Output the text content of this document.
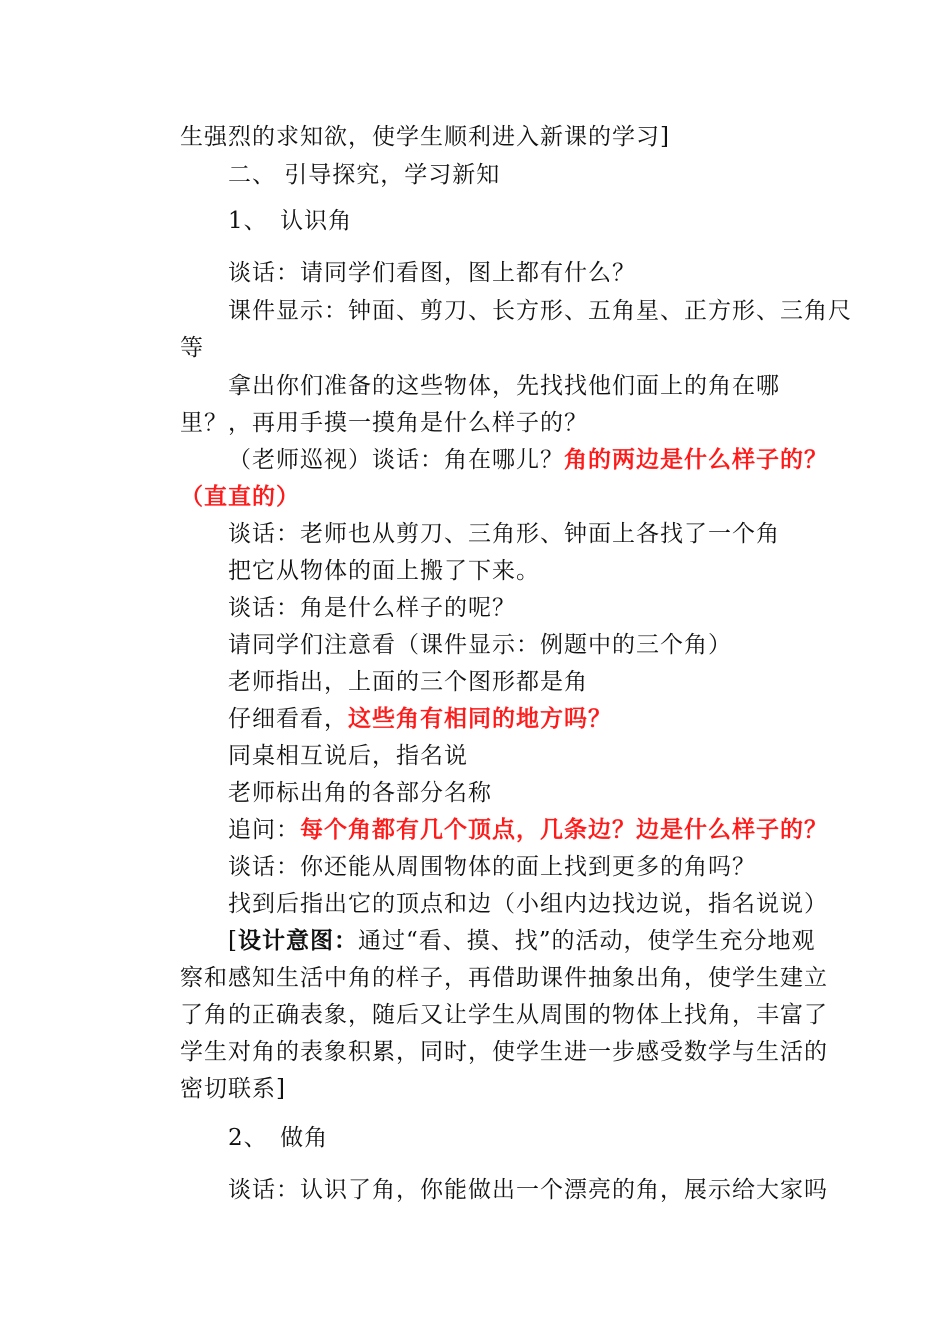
生强烈的求知欲，使学生顺利进入新课的学习]
二、 引导探究，学习新知
1、　认识角
谈话：请同学们看图，图上都有什么？
课件显示：钟面、剪刀、长方形、五角星、正方形、三角尺
等
拿出你们准备的这些物体，先找找他们面上的角在哪
里？，再用手摸一摸角是什么样子的？
（老师巡视）谈话：角在哪儿？角的两边是什么样子的？
（直直的）
谈话：老师也从剪刀、三角形、钟面上各找了一个角
把它从物体的面上搬了下来。
谈话：角是什么样子的呢？
请同学们注意看（课件显示：例题中的三个角）
老师指出，上面的三个图形都是角
仔细看看，这些角有相同的地方吗？
同桌相互说后，指名说
老师标出角的各部分名称
追问：每个角都有几个顶点，几条边？边是什么样子的？
谈话：你还能从周围物体的面上找到更多的角吗？
找到后指出它的顶点和边（小组内边找边说，指名说说）
[设计意图：通过“看、摸、找”的活动，使学生充分地观
察和感知生活中角的样子，再借助课件抽象出角，使学生建立
了角的正确表象，随后又让学生从周围的物体上找角，丰富了
学生对角的表象积累，同时，使学生进一步感受数学与生活的
密切联系]
2、　做角
谈话：认识了角，你能做出一个漂亮的角，展示给大家吗
